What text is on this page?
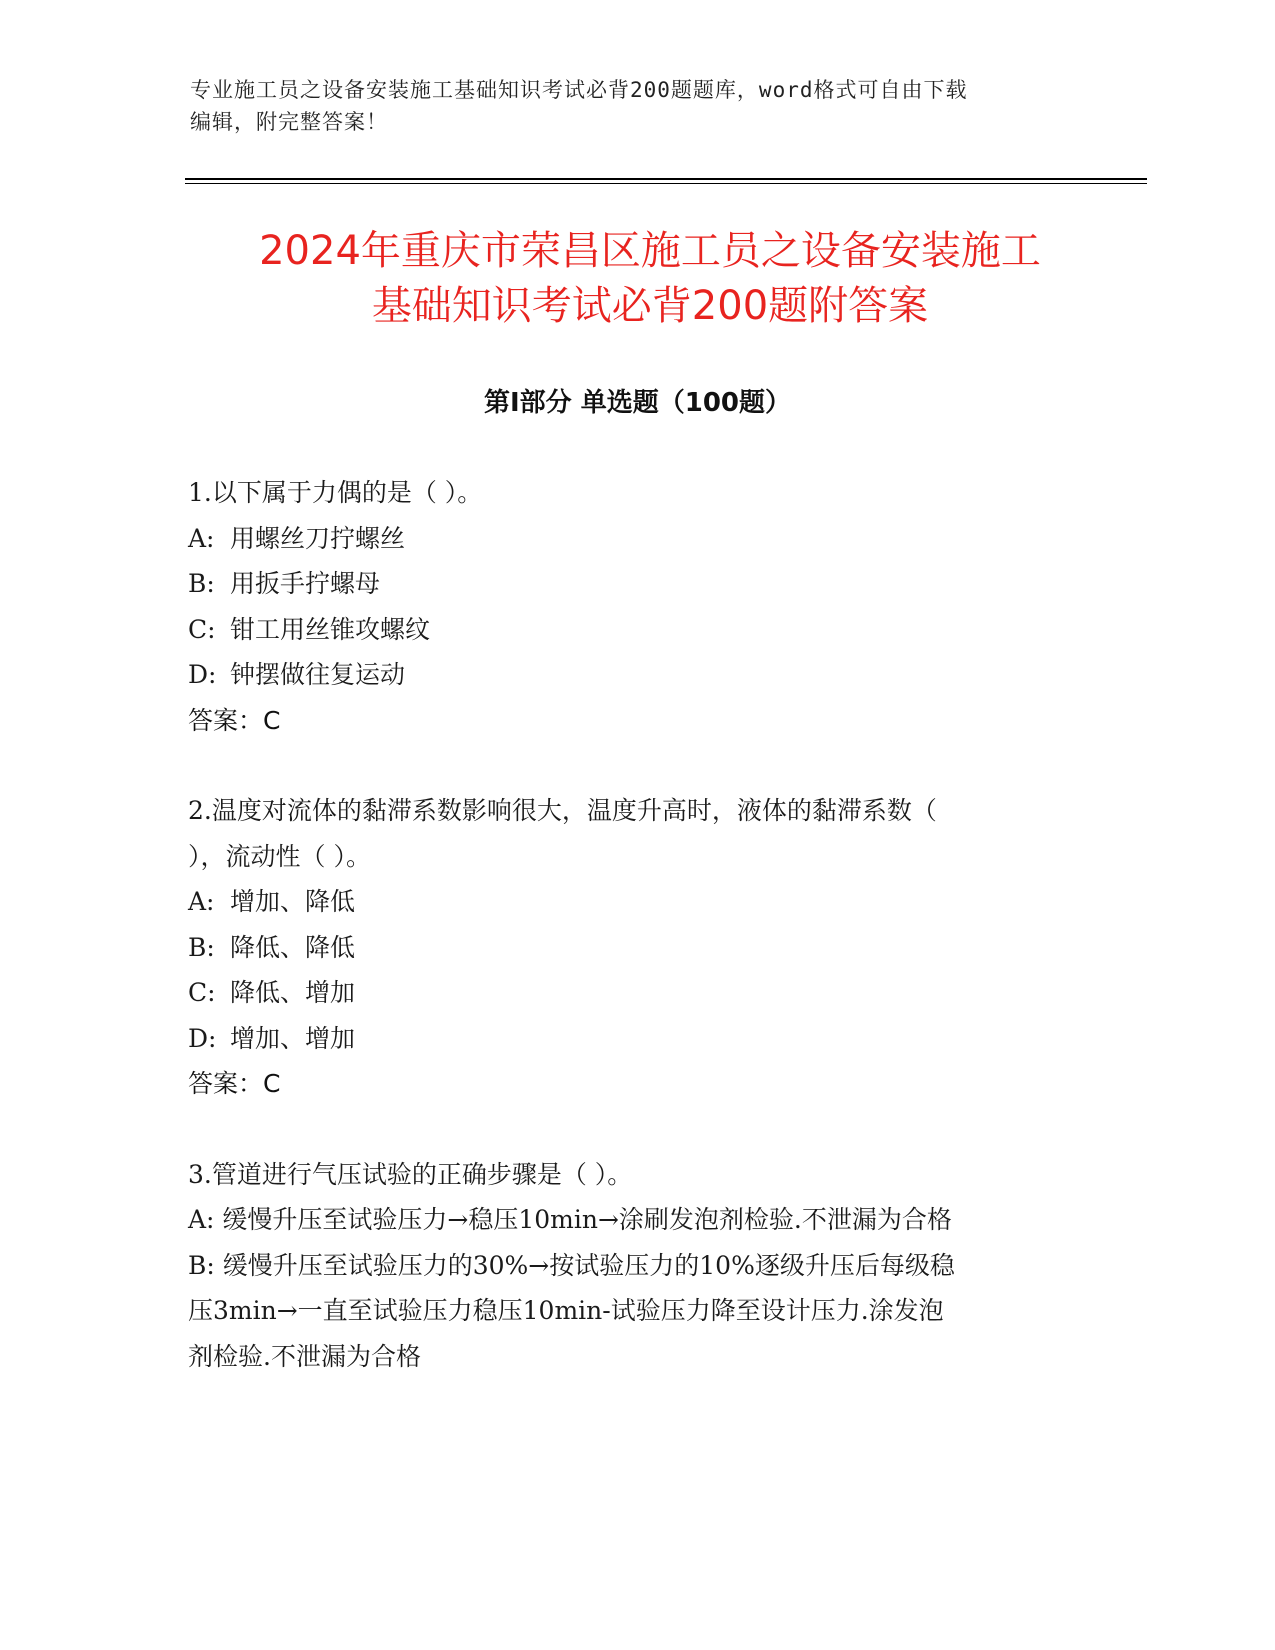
专业施工员之设备安装施工基础知识考试必背200题题库，word格式可自由下载
编辑，附完整答案！
2024年重庆市荣昌区施工员之设备安装施工
基础知识考试必背200题附答案
第I部分 单选题（100题）

1.以下属于力偶的是（ ）。

A: 用螺丝刀拧螺丝

B: 用扳手拧螺母

C: 钳工用丝锥攻螺纹

D: 钟摆做往复运动

答案：C

2.温度对流体的黏滞系数影响很大，温度升高时，液体的黏滞系数（

），流动性（ ）。

A: 增加、降低

B: 降低、降低

C: 降低、增加

D: 增加、增加

答案：C

3.管道进行气压试验的正确步骤是（ ）。

A: 缓慢升压至试验压力→稳压10min→涂刷发泡剂检验.不泄漏为合格

B: 缓慢升压至试验压力的30%→按试验压力的10%逐级升压后每级稳

压3min→一直至试验压力稳压10min-试验压力降至设计压力.涂发泡

剂检验.不泄漏为合格
